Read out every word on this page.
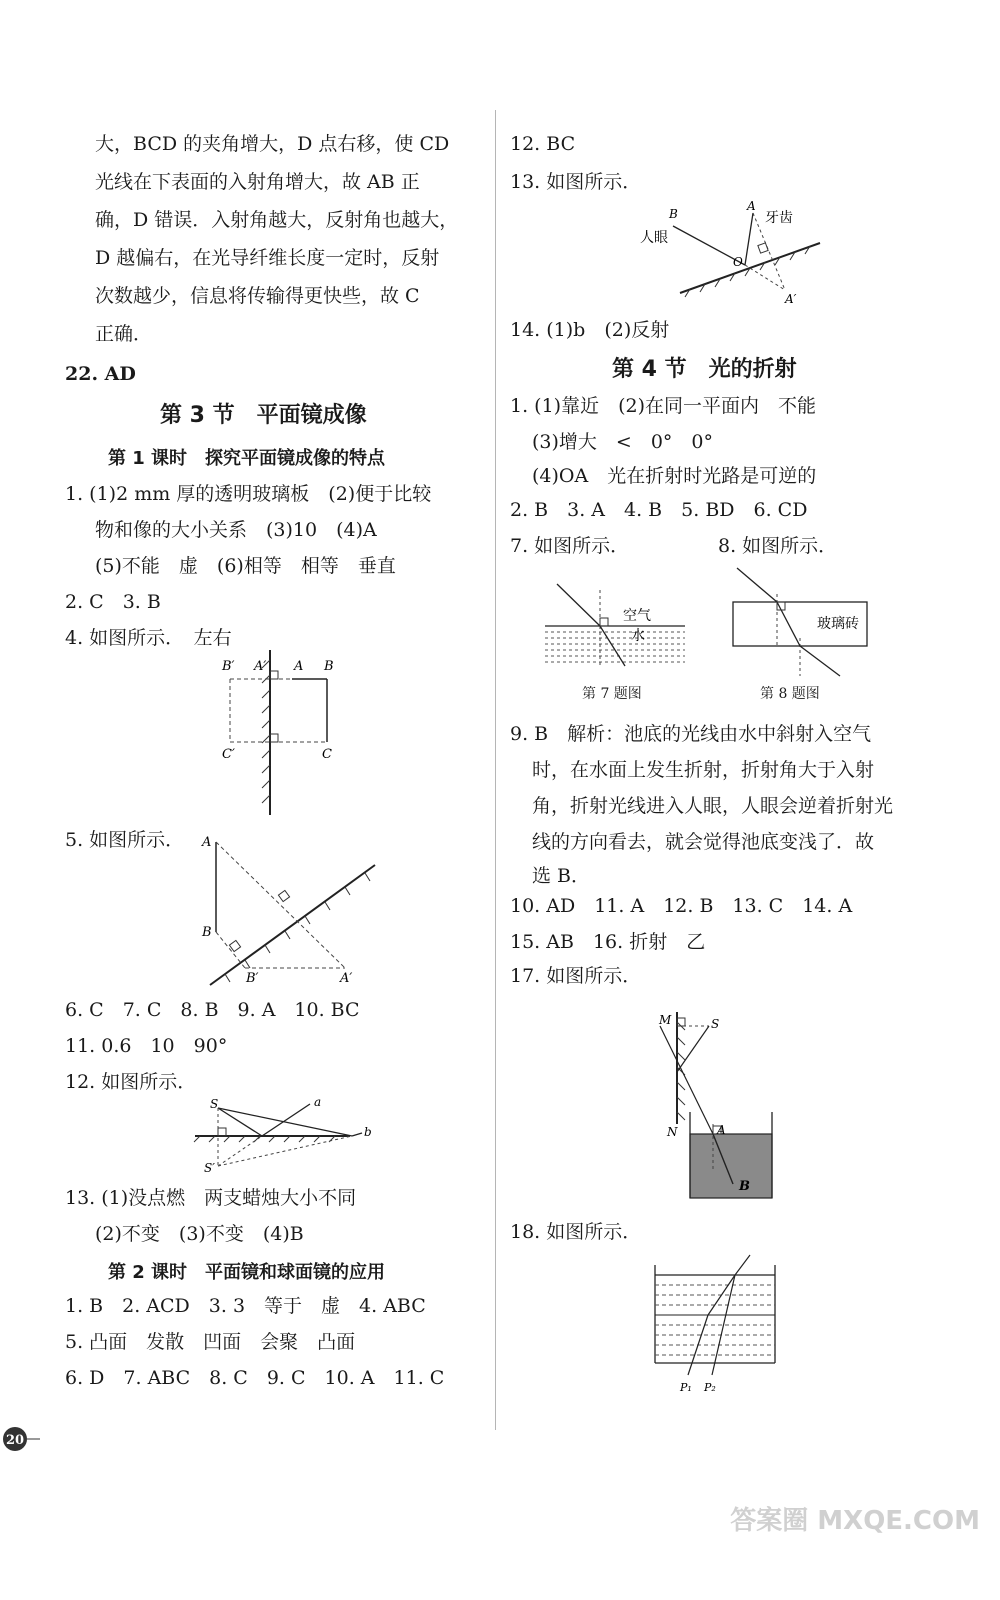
大，BCD 的夹角增大，D 点右移，使 CD
光线在下表面的入射角增大，故 AB 正
确，D 错误．入射角越大，反射角也越大，
D 越偏右，在光导纤维长度一定时，反射
次数越少，信息将传输得更快些，故 C
正确．
22. AD
第 3 节　平面镜成像
第 1 课时　探究平面镜成像的特点
1. (1)2 mm 厚的透明玻璃板　(2)便于比较
物和像的大小关系　(3)10　(4)A
(5)不能　虚　(6)相等　相等　垂直
2. C　3. B
4. 如图所示．　左右
B′ A′ A B
C′	C
5. 如图所示． A
B
B′	A′
6. C　7. C　8. B　9. A　10. BC
11. 0.6　10　90°
12. 如图所示．
S	a
b
S′
13. (1)没点燃　两支蜡烛大小不同
(2)不变　(3)不变　(4)B
第 2 课时　平面镜和球面镜的应用
1. B　2. ACD　3. 3　等于　虚　4. ABC
5. 凸面　发散　凹面　会聚　凸面
6. D　7. ABC　8. C　9. C　10. A　11. C
12. BC
13. 如图所示．
B
人眼
A
牙齿
O
A′
14. (1)b　(2)反射
第 4 节　光的折射
1. (1)靠近　(2)在同一平面内　不能
(3)增大　<　0°　0°
(4)OA　光在折射时光路是可逆的
2. B　3. A　4. B　5. BD　6. CD
7. 如图所示．	8. 如图所示．
空气
水
第 7 题图
玻璃砖
第 8 题图
9. B　解析：池底的光线由水中斜射入空气
时，在水面上发生折射，折射角大于入射
角，折射光线进入人眼，人眼会逆着折射光
线的方向看去，就会觉得池底变浅了．故
选 B．
10. AD　11. A　12. B　13. C　14. A
15. AB　16. 折射　乙
17. 如图所示．
M	S
N	A
B
18. 如图所示．
P₁ P₂
20
答案圈 MXQE.COM
